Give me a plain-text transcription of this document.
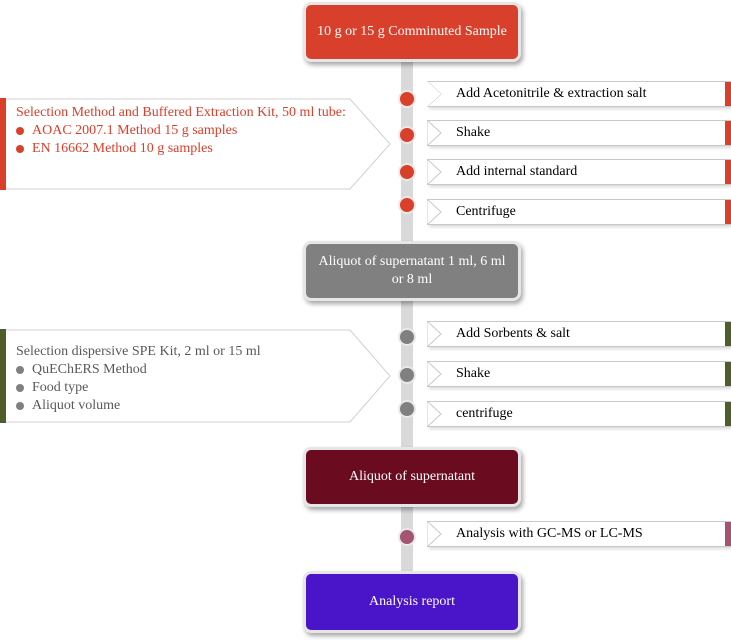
10 g or 15 g Comminuted Sample
Aliquot of supernatant 1 ml, 6 ml or 8 ml
Aliquot of supernatant
Analysis report
Add Acetonitrile & extraction salt
Shake
Add internal standard
Centrifuge
Add Sorbents & salt
Shake
centrifuge
Analysis with GC-MS or LC-MS
Selection Method and Buffered Extraction Kit, 50 ml tube:
AOAC 2007.1 Method 15 g samples
EN 16662 Method 10 g samples
Selection dispersive SPE Kit, 2 ml or 15 ml
QuEChERS Method
Food type
Aliquot volume
